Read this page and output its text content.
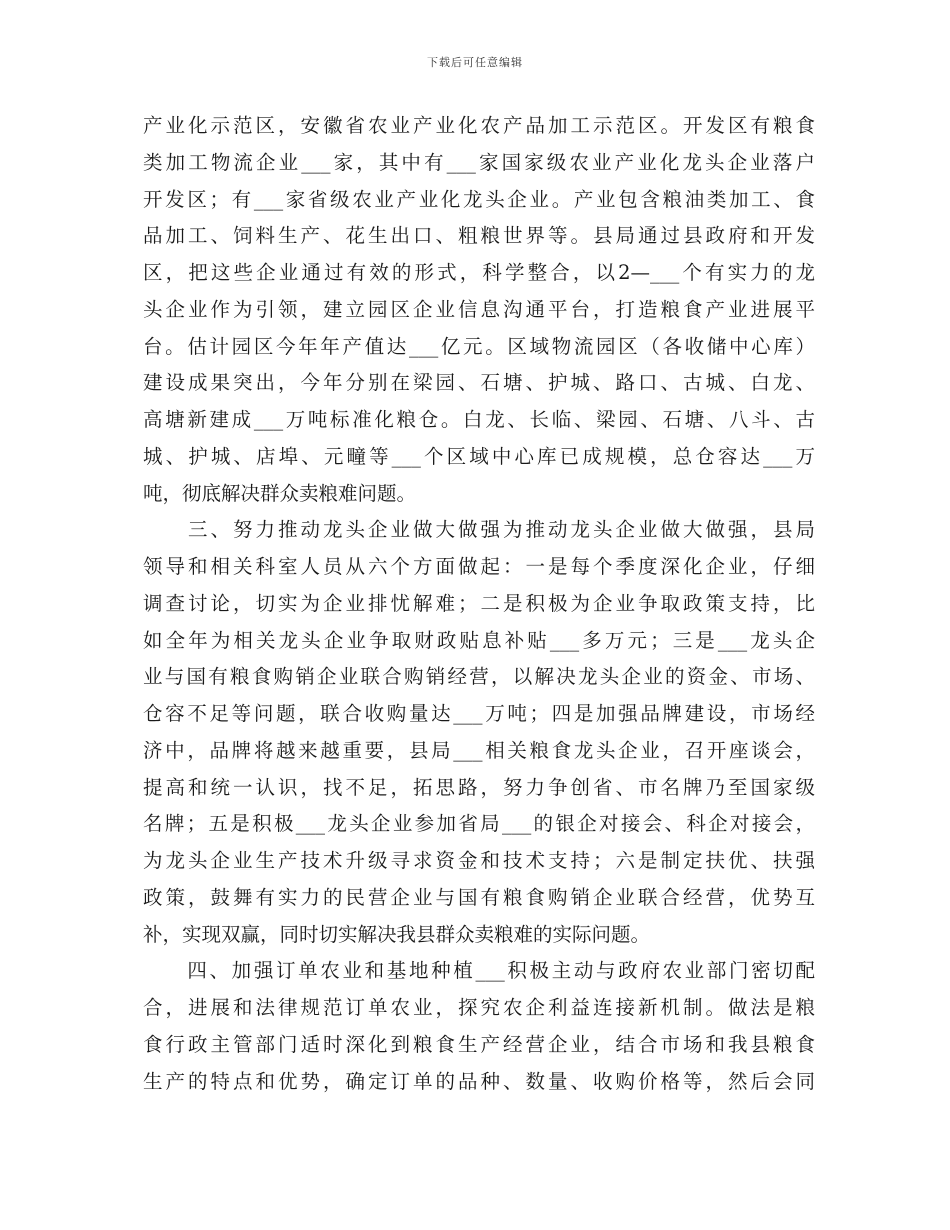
下载后可任意编辑
产业化示范区，安徽省农业产业化农产品加工示范区。开发区有粮食
类加工物流企业___家，其中有___家国家级农业产业化龙头企业落户
开发区；有___家省级农业产业化龙头企业。产业包含粮油类加工、食
品加工、饲料生产、花生出口、粗粮世界等。县局通过县政府和开发
区，把这些企业通过有效的形式，科学整合，以2—___个有实力的龙
头企业作为引领，建立园区企业信息沟通平台，打造粮食产业进展平
台。估计园区今年年产值达___亿元。区域物流园区（各收储中心库）
建设成果突出，今年分别在梁园、石塘、护城、路口、古城、白龙、
高塘新建成___万吨标准化粮仓。白龙、长临、梁园、石塘、八斗、古
城、护城、店埠、元疃等___个区域中心库已成规模，总仓容达___万
吨，彻底解决群众卖粮难问题。
　　三、努力推动龙头企业做大做强为推动龙头企业做大做强，县局
领导和相关科室人员从六个方面做起：一是每个季度深化企业，仔细
调查讨论，切实为企业排忧解难；二是积极为企业争取政策支持，比
如全年为相关龙头企业争取财政贴息补贴___多万元；三是___龙头企
业与国有粮食购销企业联合购销经营，以解决龙头企业的资金、市场、
仓容不足等问题，联合收购量达___万吨；四是加强品牌建设，市场经
济中，品牌将越来越重要，县局___相关粮食龙头企业，召开座谈会，
提高和统一认识，找不足，拓思路，努力争创省、市名牌乃至国家级
名牌；五是积极___龙头企业参加省局___的银企对接会、科企对接会，
为龙头企业生产技术升级寻求资金和技术支持；六是制定扶优、扶强
政策，鼓舞有实力的民营企业与国有粮食购销企业联合经营，优势互
补，实现双赢，同时切实解决我县群众卖粮难的实际问题。
　　四、加强订单农业和基地种植___积极主动与政府农业部门密切配
合，进展和法律规范订单农业，探究农企利益连接新机制。做法是粮
食行政主管部门适时深化到粮食生产经营企业，结合市场和我县粮食
生产的特点和优势，确定订单的品种、数量、收购价格等，然后会同
